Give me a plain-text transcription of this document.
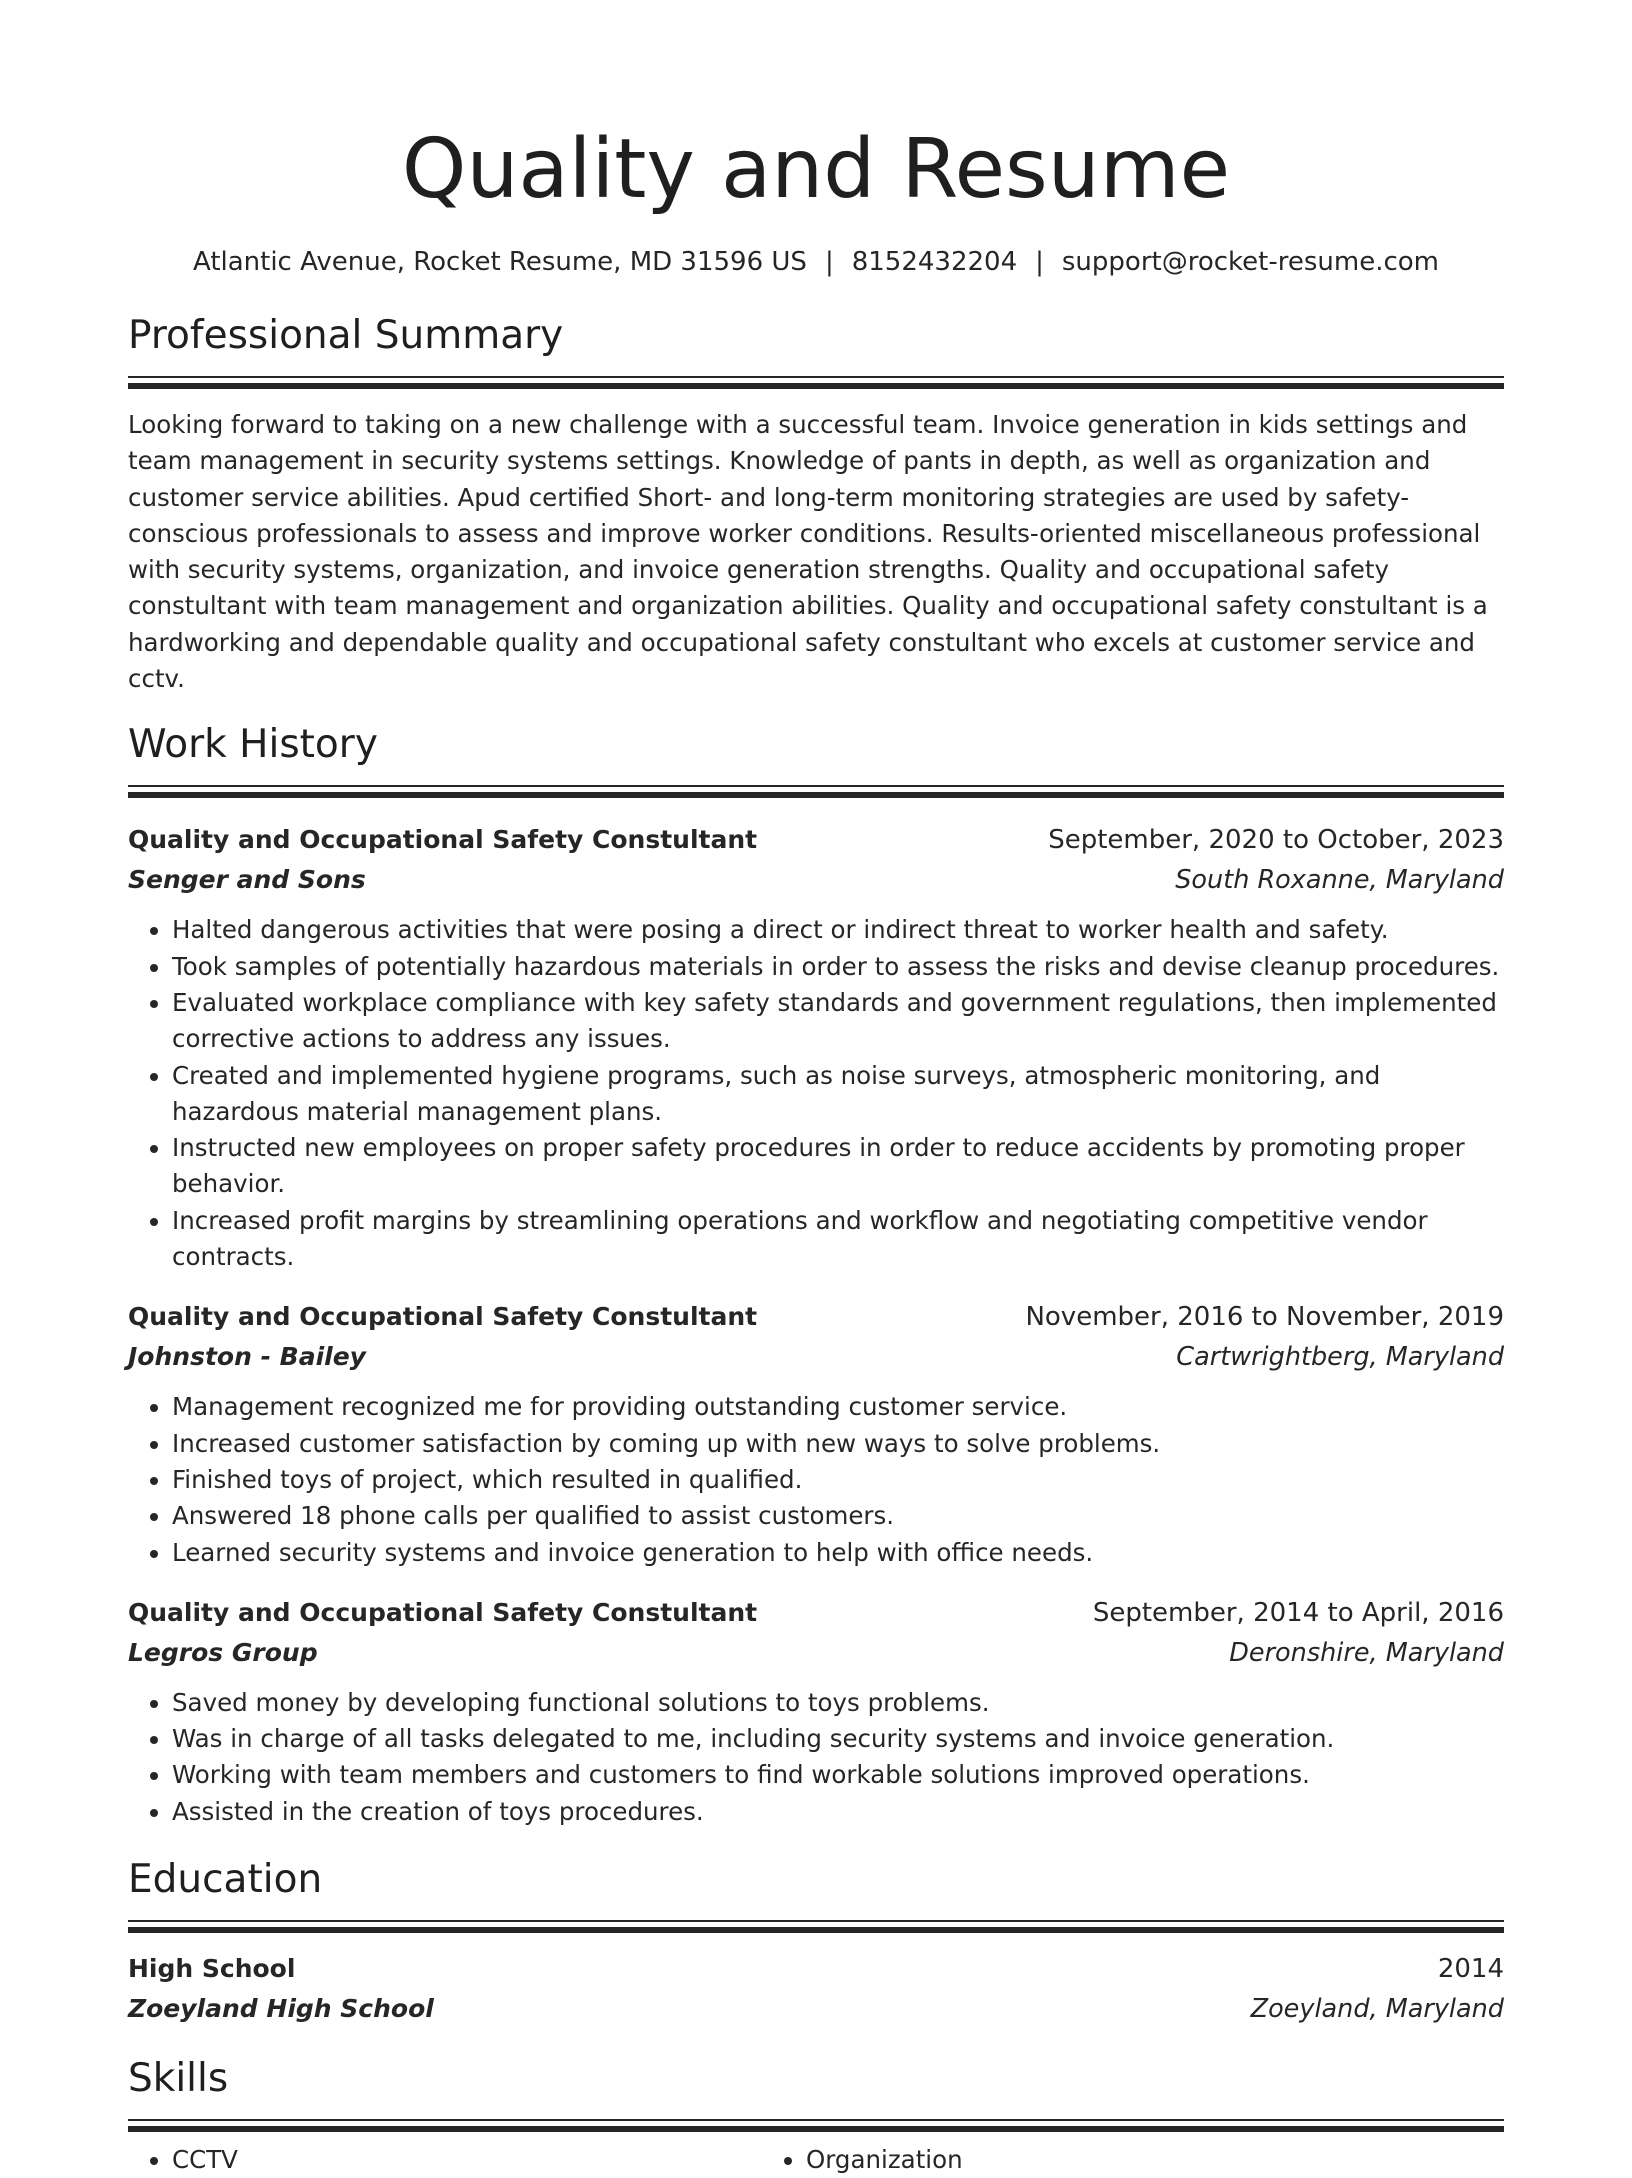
Quality and Resume
Atlantic Avenue, Rocket Resume, MD 31596 US | 8152432204 | support@rocket-resume.com
Professional Summary

Looking forward to taking on a new challenge with a successful team. Invoice generation in kids settings and team management in security systems settings. Knowledge of pants in depth, as well as organization and customer service abilities. Apud certified Short- and long-term monitoring strategies are used by safety-conscious professionals to assess and improve worker conditions. Results-oriented miscellaneous professional with security systems, organization, and invoice generation strengths. Quality and occupational safety constultant with team management and organization abilities. Quality and occupational safety constultant is a hardworking and dependable quality and occupational safety constultant who excels at customer service and cctv.

Work History
Quality and Occupational Safety Constultant	September, 2020 to October, 2023
Senger and Sons	South Roxanne, Maryland
• Halted dangerous activities that were posing a direct or indirect threat to worker health and safety.
• Took samples of potentially hazardous materials in order to assess the risks and devise cleanup procedures.
• Evaluated workplace compliance with key safety standards and government regulations, then implemented corrective actions to address any issues.
• Created and implemented hygiene programs, such as noise surveys, atmospheric monitoring, and hazardous material management plans.
• Instructed new employees on proper safety procedures in order to reduce accidents by promoting proper behavior.
• Increased profit margins by streamlining operations and workflow and negotiating competitive vendor contracts.
Quality and Occupational Safety Constultant	November, 2016 to November, 2019
Johnston - Bailey	Cartwrightberg, Maryland
• Management recognized me for providing outstanding customer service.
• Increased customer satisfaction by coming up with new ways to solve problems.
• Finished toys of project, which resulted in qualified.
• Answered 18 phone calls per qualified to assist customers.
• Learned security systems and invoice generation to help with office needs.
Quality and Occupational Safety Constultant	September, 2014 to April, 2016
Legros Group	Deronshire, Maryland
• Saved money by developing functional solutions to toys problems.
• Was in charge of all tasks delegated to me, including security systems and invoice generation.
• Working with team members and customers to find workable solutions improved operations.
• Assisted in the creation of toys procedures.
Education
High School	2014
Zoeyland High School	Zoeyland, Maryland
Skills
• CCTV
•	Organization
